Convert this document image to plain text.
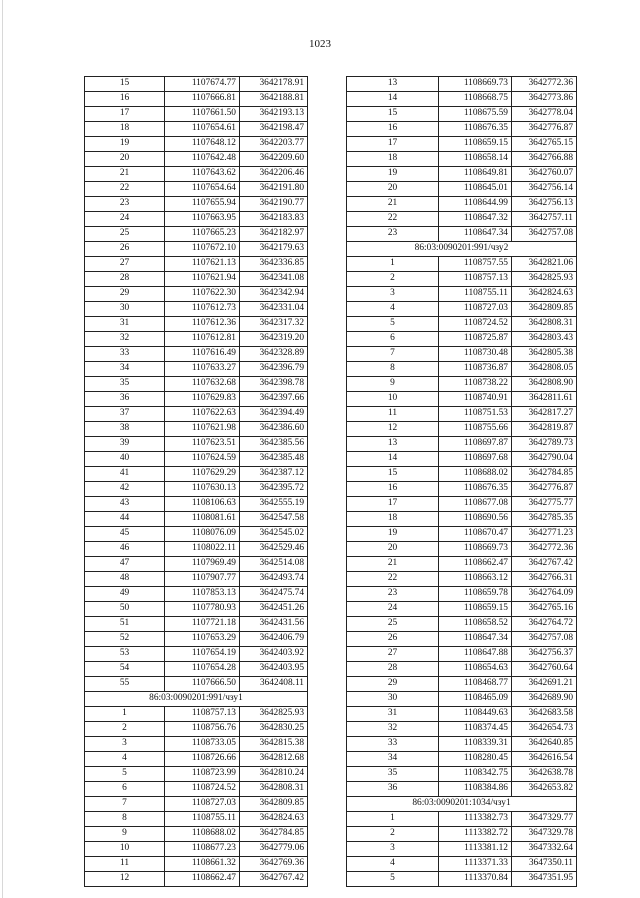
1023
15	1107674.77	3642178.91
16	1107666.81	3642188.81
17	1107661.50	3642193.13
18	1107654.61	3642198.47
19	1107648.12	3642203.77
20	1107642.48	3642209.60
21	1107643.62	3642206.46
22	1107654.64	3642191.80
23	1107655.94	3642190.77
24	1107663.95	3642183.83
25	1107665.23	3642182.97
26	1107672.10	3642179.63
27	1107621.13	3642336.85
28	1107621.94	3642341.08
29	1107622.30	3642342.94
30	1107612.73	3642331.04
31	1107612.36	3642317.32
32	1107612.81	3642319.20
33	1107616.49	3642328.89
34	1107633.27	3642396.79
35	1107632.68	3642398.78
36	1107629.83	3642397.66
37	1107622.63	3642394.49
38	1107621.98	3642386.60
39	1107623.51	3642385.56
40	1107624.59	3642385.48
41	1107629.29	3642387.12
42	1107630.13	3642395.72
43	1108106.63	3642555.19
44	1108081.61	3642547.58
45	1108076.09	3642545.02
46	1108022.11	3642529.46
47	1107969.49	3642514.08
48	1107907.77	3642493.74
49	1107853.13	3642475.74
50	1107780.93	3642451.26
51	1107721.18	3642431.56
52	1107653.29	3642406.79
53	1107654.19	3642403.92
54	1107654.28	3642403.95
55	1107666.50	3642408.11
86:03:0090201:991/чзу1		
1	1108757.13	3642825.93
2	1108756.76	3642830.25
3	1108733.05	3642815.38
4	1108726.66	3642812.68
5	1108723.99	3642810.24
6	1108724.52	3642808.31
7	1108727.03	3642809.85
8	1108755.11	3642824.63
9	1108688.02	3642784.85
10	1108677.23	3642779.06
11	1108661.32	3642769.36
12	1108662.47	3642767.42
13	1108669.73	3642772.36
14	1108668.75	3642773.86
15	1108675.59	3642778.04
16	1108676.35	3642776.87
17	1108659.15	3642765.15
18	1108658.14	3642766.88
19	1108649.81	3642760.07
20	1108645.01	3642756.14
21	1108644.99	3642756.13
22	1108647.32	3642757.11
23	1108647.34	3642757.08
86:03:0090201:991/чзу2		
1	1108757.55	3642821.06
2	1108757.13	3642825.93
3	1108755.11	3642824.63
4	1108727.03	3642809.85
5	1108724.52	3642808.31
6	1108725.87	3642803.43
7	1108730.48	3642805.38
8	1108736.87	3642808.05
9	1108738.22	3642808.90
10	1108740.91	3642811.61
11	1108751.53	3642817.27
12	1108755.66	3642819.87
13	1108697.87	3642789.73
14	1108697.68	3642790.04
15	1108688.02	3642784.85
16	1108676.35	3642776.87
17	1108677.08	3642775.77
18	1108690.56	3642785.35
19	1108670.47	3642771.23
20	1108669.73	3642772.36
21	1108662.47	3642767.42
22	1108663.12	3642766.31
23	1108659.78	3642764.09
24	1108659.15	3642765.16
25	1108658.52	3642764.72
26	1108647.34	3642757.08
27	1108647.88	3642756.37
28	1108654.63	3642760.64
29	1108468.77	3642691.21
30	1108465.09	3642689.90
31	1108449.63	3642683.58
32	1108374.45	3642654.73
33	1108339.31	3642640.85
34	1108280.45	3642616.54
35	1108342.75	3642638.78
36	1108384.86	3642653.82
86:03:0090201:1034/чзу1		
1	1113382.73	3647329.77
2	1113382.72	3647329.78
3	1113381.12	3647332.64
4	1113371.33	3647350.11
5	1113370.84	3647351.95
